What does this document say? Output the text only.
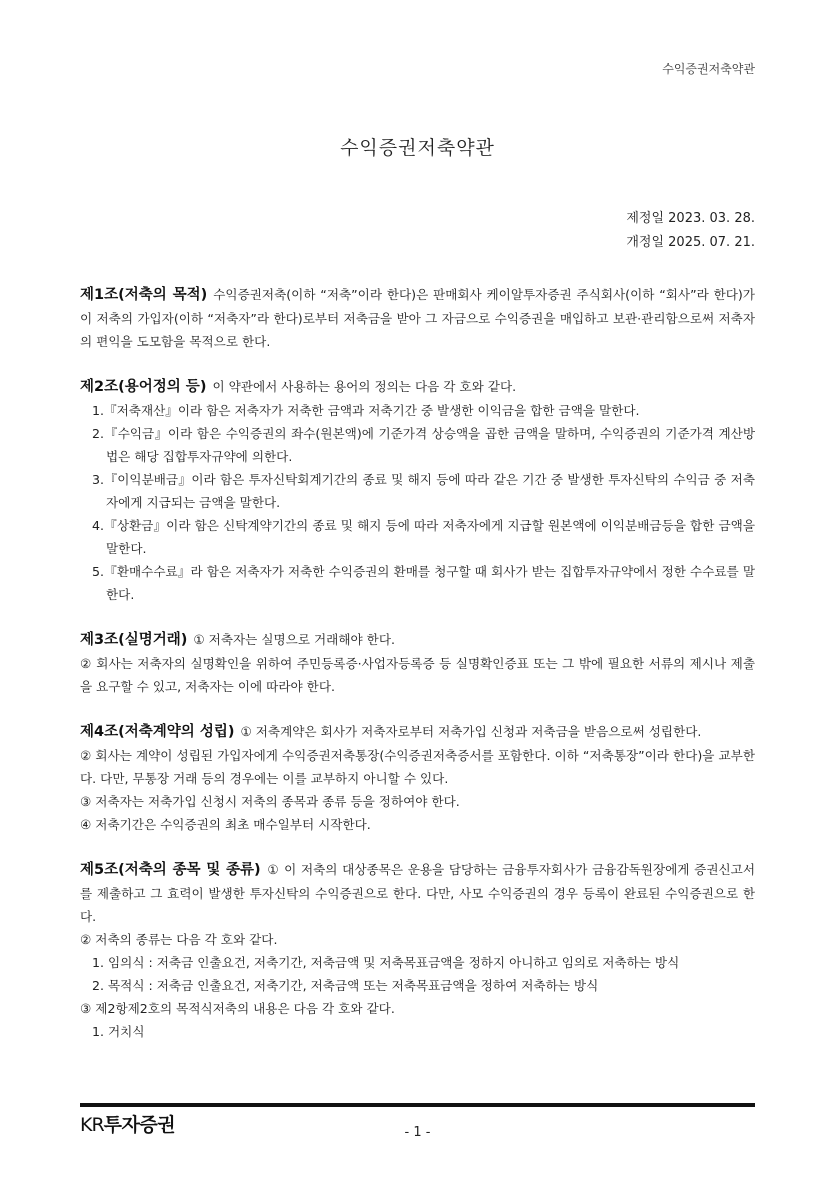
수익증권저축약관
수익증권저축약관
제정일 2023. 03. 28.
개정일 2025. 07. 21.

제1조(저축의 목적) 수익증권저축(이하 “저축”이라 한다)은 판매회사 케이알투자증권 주식회사(이하 “회사”라 한다)가 이 저축의 가입자(이하 “저축자”라 한다)로부터 저축금을 받아 그 자금으로 수익증권을 매입하고 보관·관리함으로써 저축자의 편익을 도모함을 목적으로 한다.

제2조(용어정의 등) 이 약관에서 사용하는 용어의 정의는 다음 각 호와 같다.

1.『저축재산』이라 함은 저축자가 저축한 금액과 저축기간 중 발생한 이익금을 합한 금액을 말한다.

2.『수익금』이라 함은 수익증권의 좌수(원본액)에 기준가격 상승액을 곱한 금액을 말하며, 수익증권의 기준가격 계산방법은 해당 집합투자규약에 의한다.

3.『이익분배금』이라 함은 투자신탁회계기간의 종료 및 해지 등에 따라 같은 기간 중 발생한 투자신탁의 수익금 중 저축자에게 지급되는 금액을 말한다.

4.『상환금』이라 함은 신탁계약기간의 종료 및 해지 등에 따라 저축자에게 지급할 원본액에 이익분배금등을 합한 금액을 말한다.

5.『환매수수료』라 함은 저축자가 저축한 수익증권의 환매를 청구할 때 회사가 받는 집합투자규약에서 정한 수수료를 말한다.

제3조(실명거래) ① 저축자는 실명으로 거래해야 한다.

② 회사는 저축자의 실명확인을 위하여 주민등록증·사업자등록증 등 실명확인증표 또는 그 밖에 필요한 서류의 제시나 제출을 요구할 수 있고, 저축자는 이에 따라야 한다.

제4조(저축계약의 성립) ① 저축계약은 회사가 저축자로부터 저축가입 신청과 저축금을 받음으로써 성립한다.

② 회사는 계약이 성립된 가입자에게 수익증권저축통장(수익증권저축증서를 포함한다. 이하 “저축통장”이라 한다)을 교부한다. 다만, 무통장 거래 등의 경우에는 이를 교부하지 아니할 수 있다.

③ 저축자는 저축가입 신청시 저축의 종목과 종류 등을 정하여야 한다.

④ 저축기간은 수익증권의 최초 매수일부터 시작한다.

제5조(저축의 종목 및 종류) ① 이 저축의 대상종목은 운용을 담당하는 금융투자회사가 금융감독원장에게 증권신고서를 제출하고 그 효력이 발생한 투자신탁의 수익증권으로 한다. 다만, 사모 수익증권의 경우 등록이 완료된 수익증권으로 한다.

② 저축의 종류는 다음 각 호와 같다.

1. 임의식 : 저축금 인출요건, 저축기간, 저축금액 및 저축목표금액을 정하지 아니하고 임의로 저축하는 방식

2. 목적식 : 저축금 인출요건, 저축기간, 저축금액 또는 저축목표금액을 정하여 저축하는 방식

③ 제2항제2호의 목적식저축의 내용은 다음 각 호와 같다.

1. 거치식

KR투자증권	- 1 -
